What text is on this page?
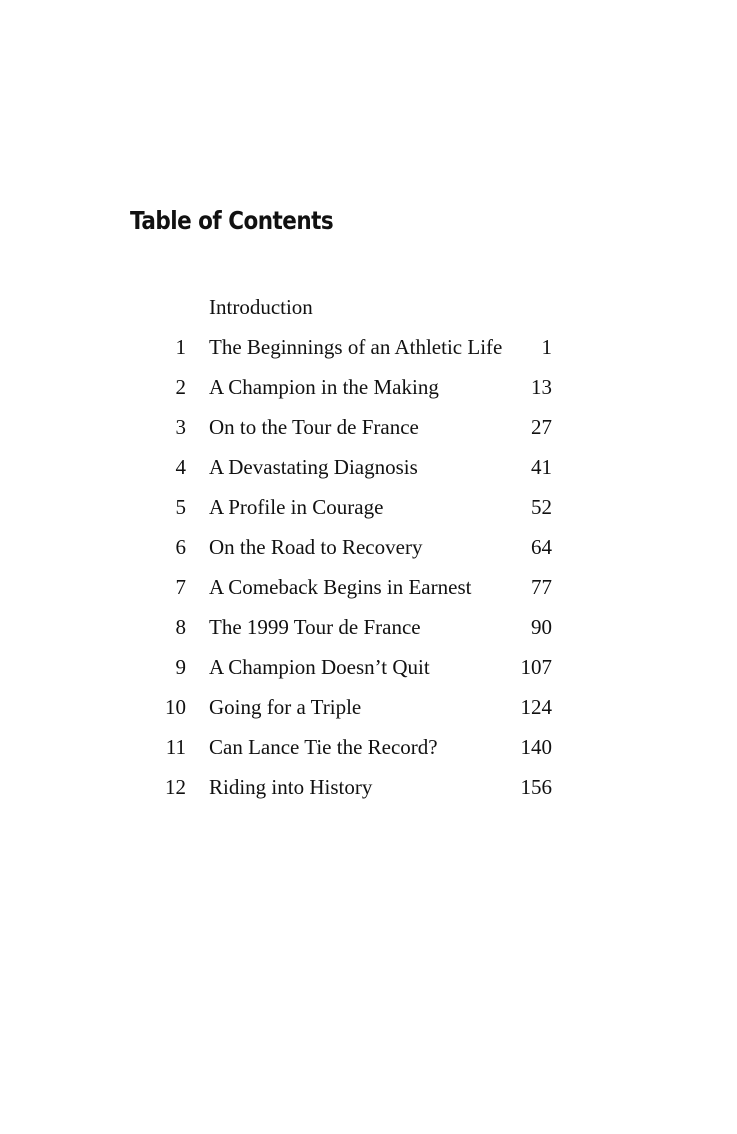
Table of Contents
Introduction
1 The Beginnings of an Athletic Life 1
2 A Champion in the Making	13
3 On to the Tour de France	27
4 A Devastating Diagnosis	41
5 A Profile in Courage	52
6 On the Road to Recovery	64
7 A Comeback Begins in Earnest	77
8 The 1999 Tour de France	90
9 A Champion Doesn’t Quit	107
10 Going for a Triple	124
11 Can Lance Tie the Record?	140
12 Riding into History	156
